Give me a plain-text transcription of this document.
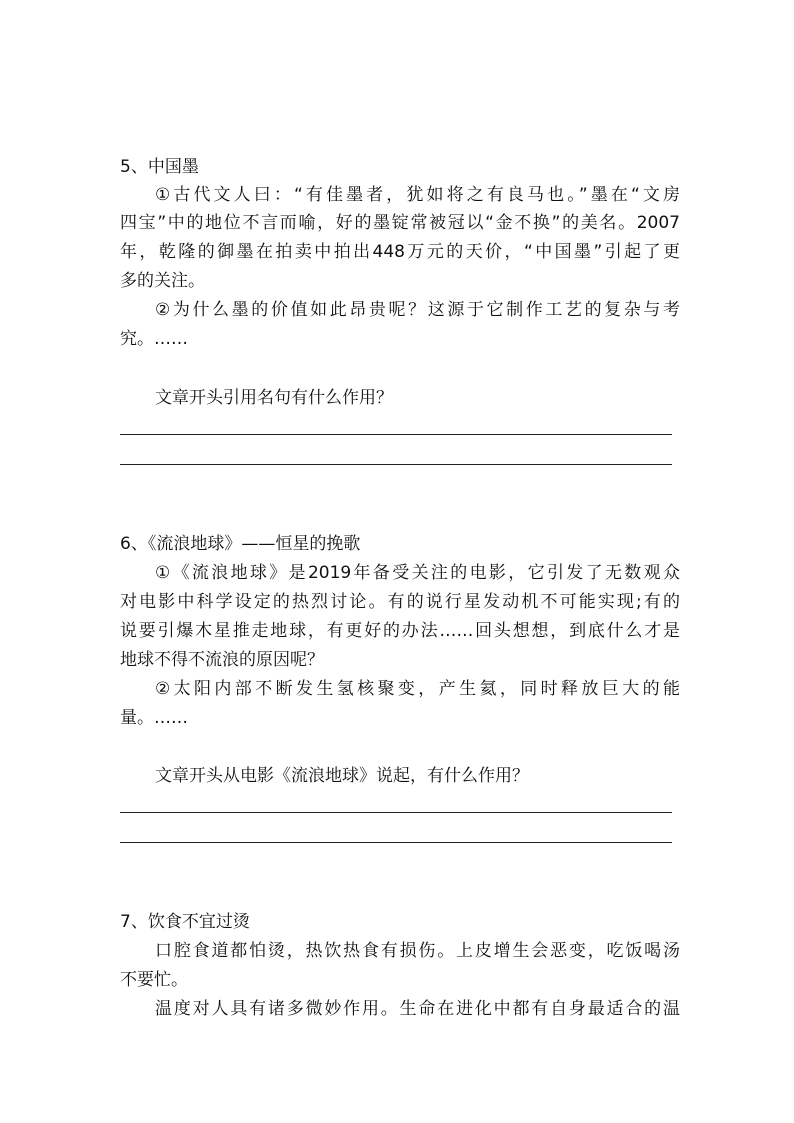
5、中国墨
①古代文人曰：“有佳墨者，犹如将之有良马也。”墨在“文房
四宝”中的地位不言而喻，好的墨锭常被冠以“金不换”的美名。2007
年，乾隆的御墨在拍卖中拍出448万元的天价，“中国墨”引起了更
多的关注。
②为什么墨的价值如此昂贵呢？这源于它制作工艺的复杂与考
究。……
文章开头引用名句有什么作用？
6、《流浪地球》——恒星的挽歌
①《流浪地球》是2019年备受关注的电影，它引发了无数观众
对电影中科学设定的热烈讨论。有的说行星发动机不可能实现;有的
说要引爆木星推走地球，有更好的办法……回头想想，到底什么才是
地球不得不流浪的原因呢？
②太阳内部不断发生氢核聚变，产生氦，同时释放巨大的能
量。……
文章开头从电影《流浪地球》说起，有什么作用？
7、饮食不宜过烫
口腔食道都怕烫，热饮热食有损伤。上皮增生会恶变，吃饭喝汤
不要忙。
温度对人具有诸多微妙作用。生命在进化中都有自身最适合的温
